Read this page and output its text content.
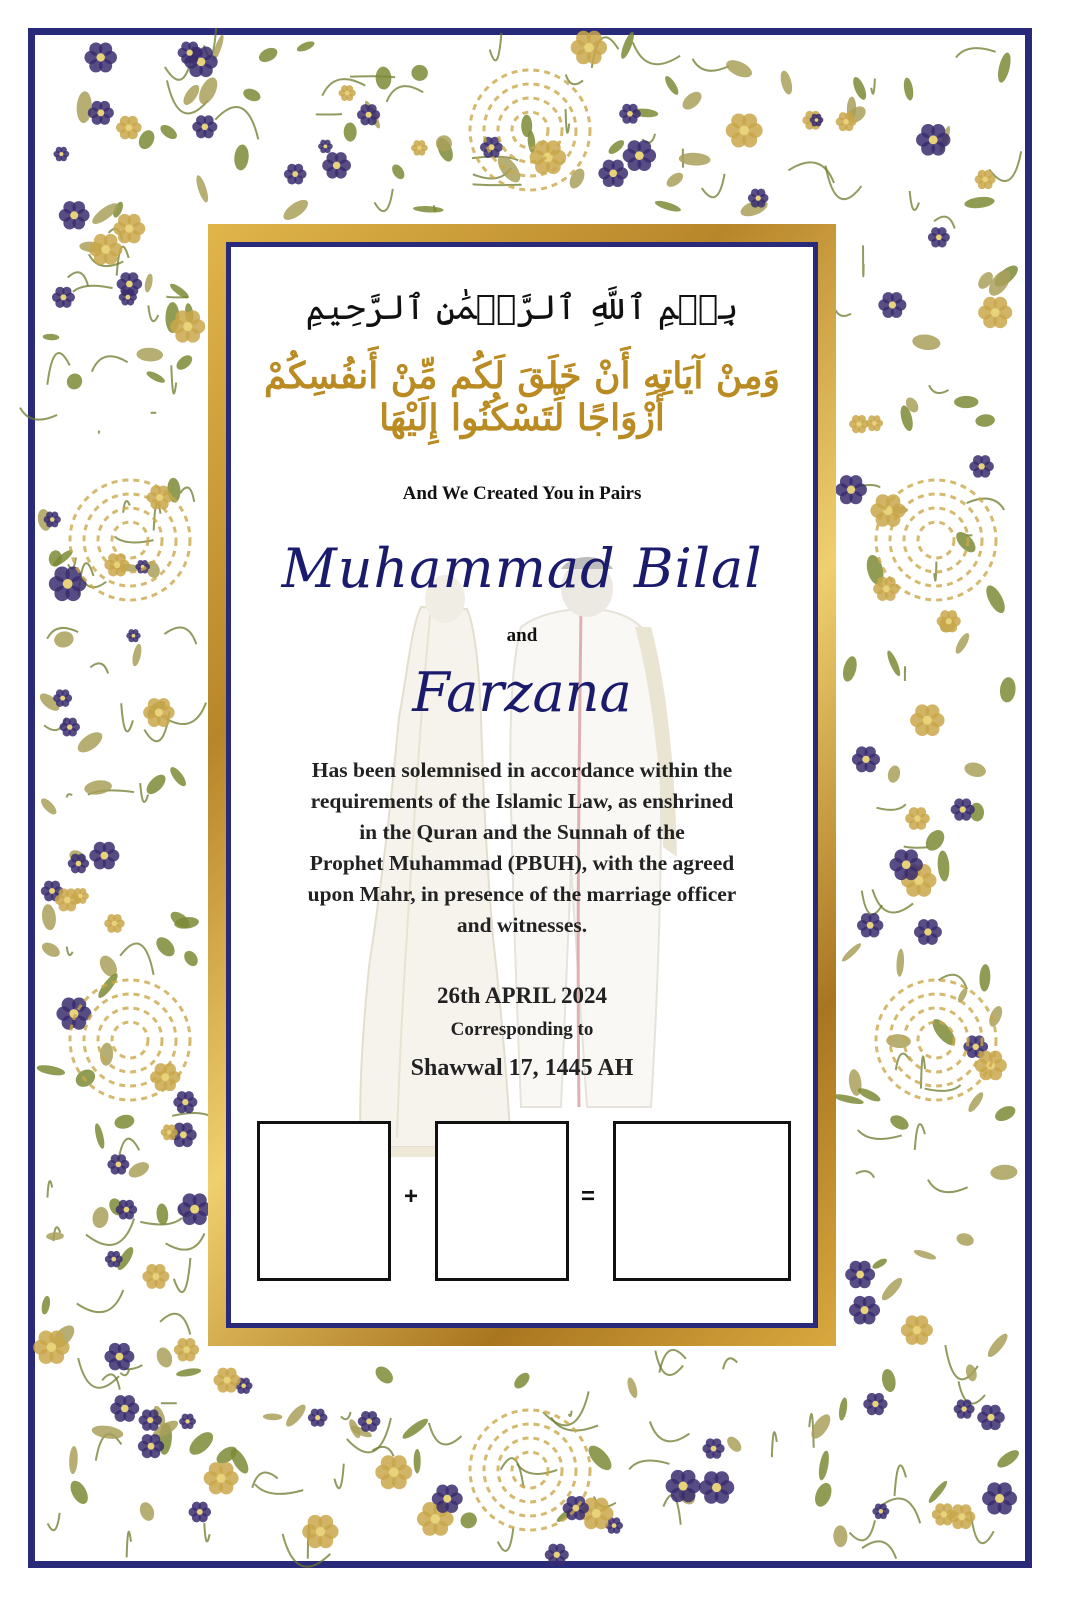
بِسۡمِ ٱللَّهِ ٱلرَّحۡمَٰنِ ٱلرَّحِيمِ
وَمِنْ آيَاتِهِ أَنْ خَلَقَ لَكُم مِّنْ أَنفُسِكُمْ أَزْوَاجًا لِّتَسْكُنُوا إِلَيْهَا
And We Created You in Pairs
Muhammad Bilal
and
Farzana
Has been solemnised in accordance within the
requirements of the Islamic Law, as enshrined
in the Quran and the Sunnah of the
Prophet Muhammad (PBUH), with the agreed
upon Mahr, in presence of the marriage officer
and witnesses.
26th APRIL 2024
Corresponding to
Shawwal 17, 1445 AH
+	=
